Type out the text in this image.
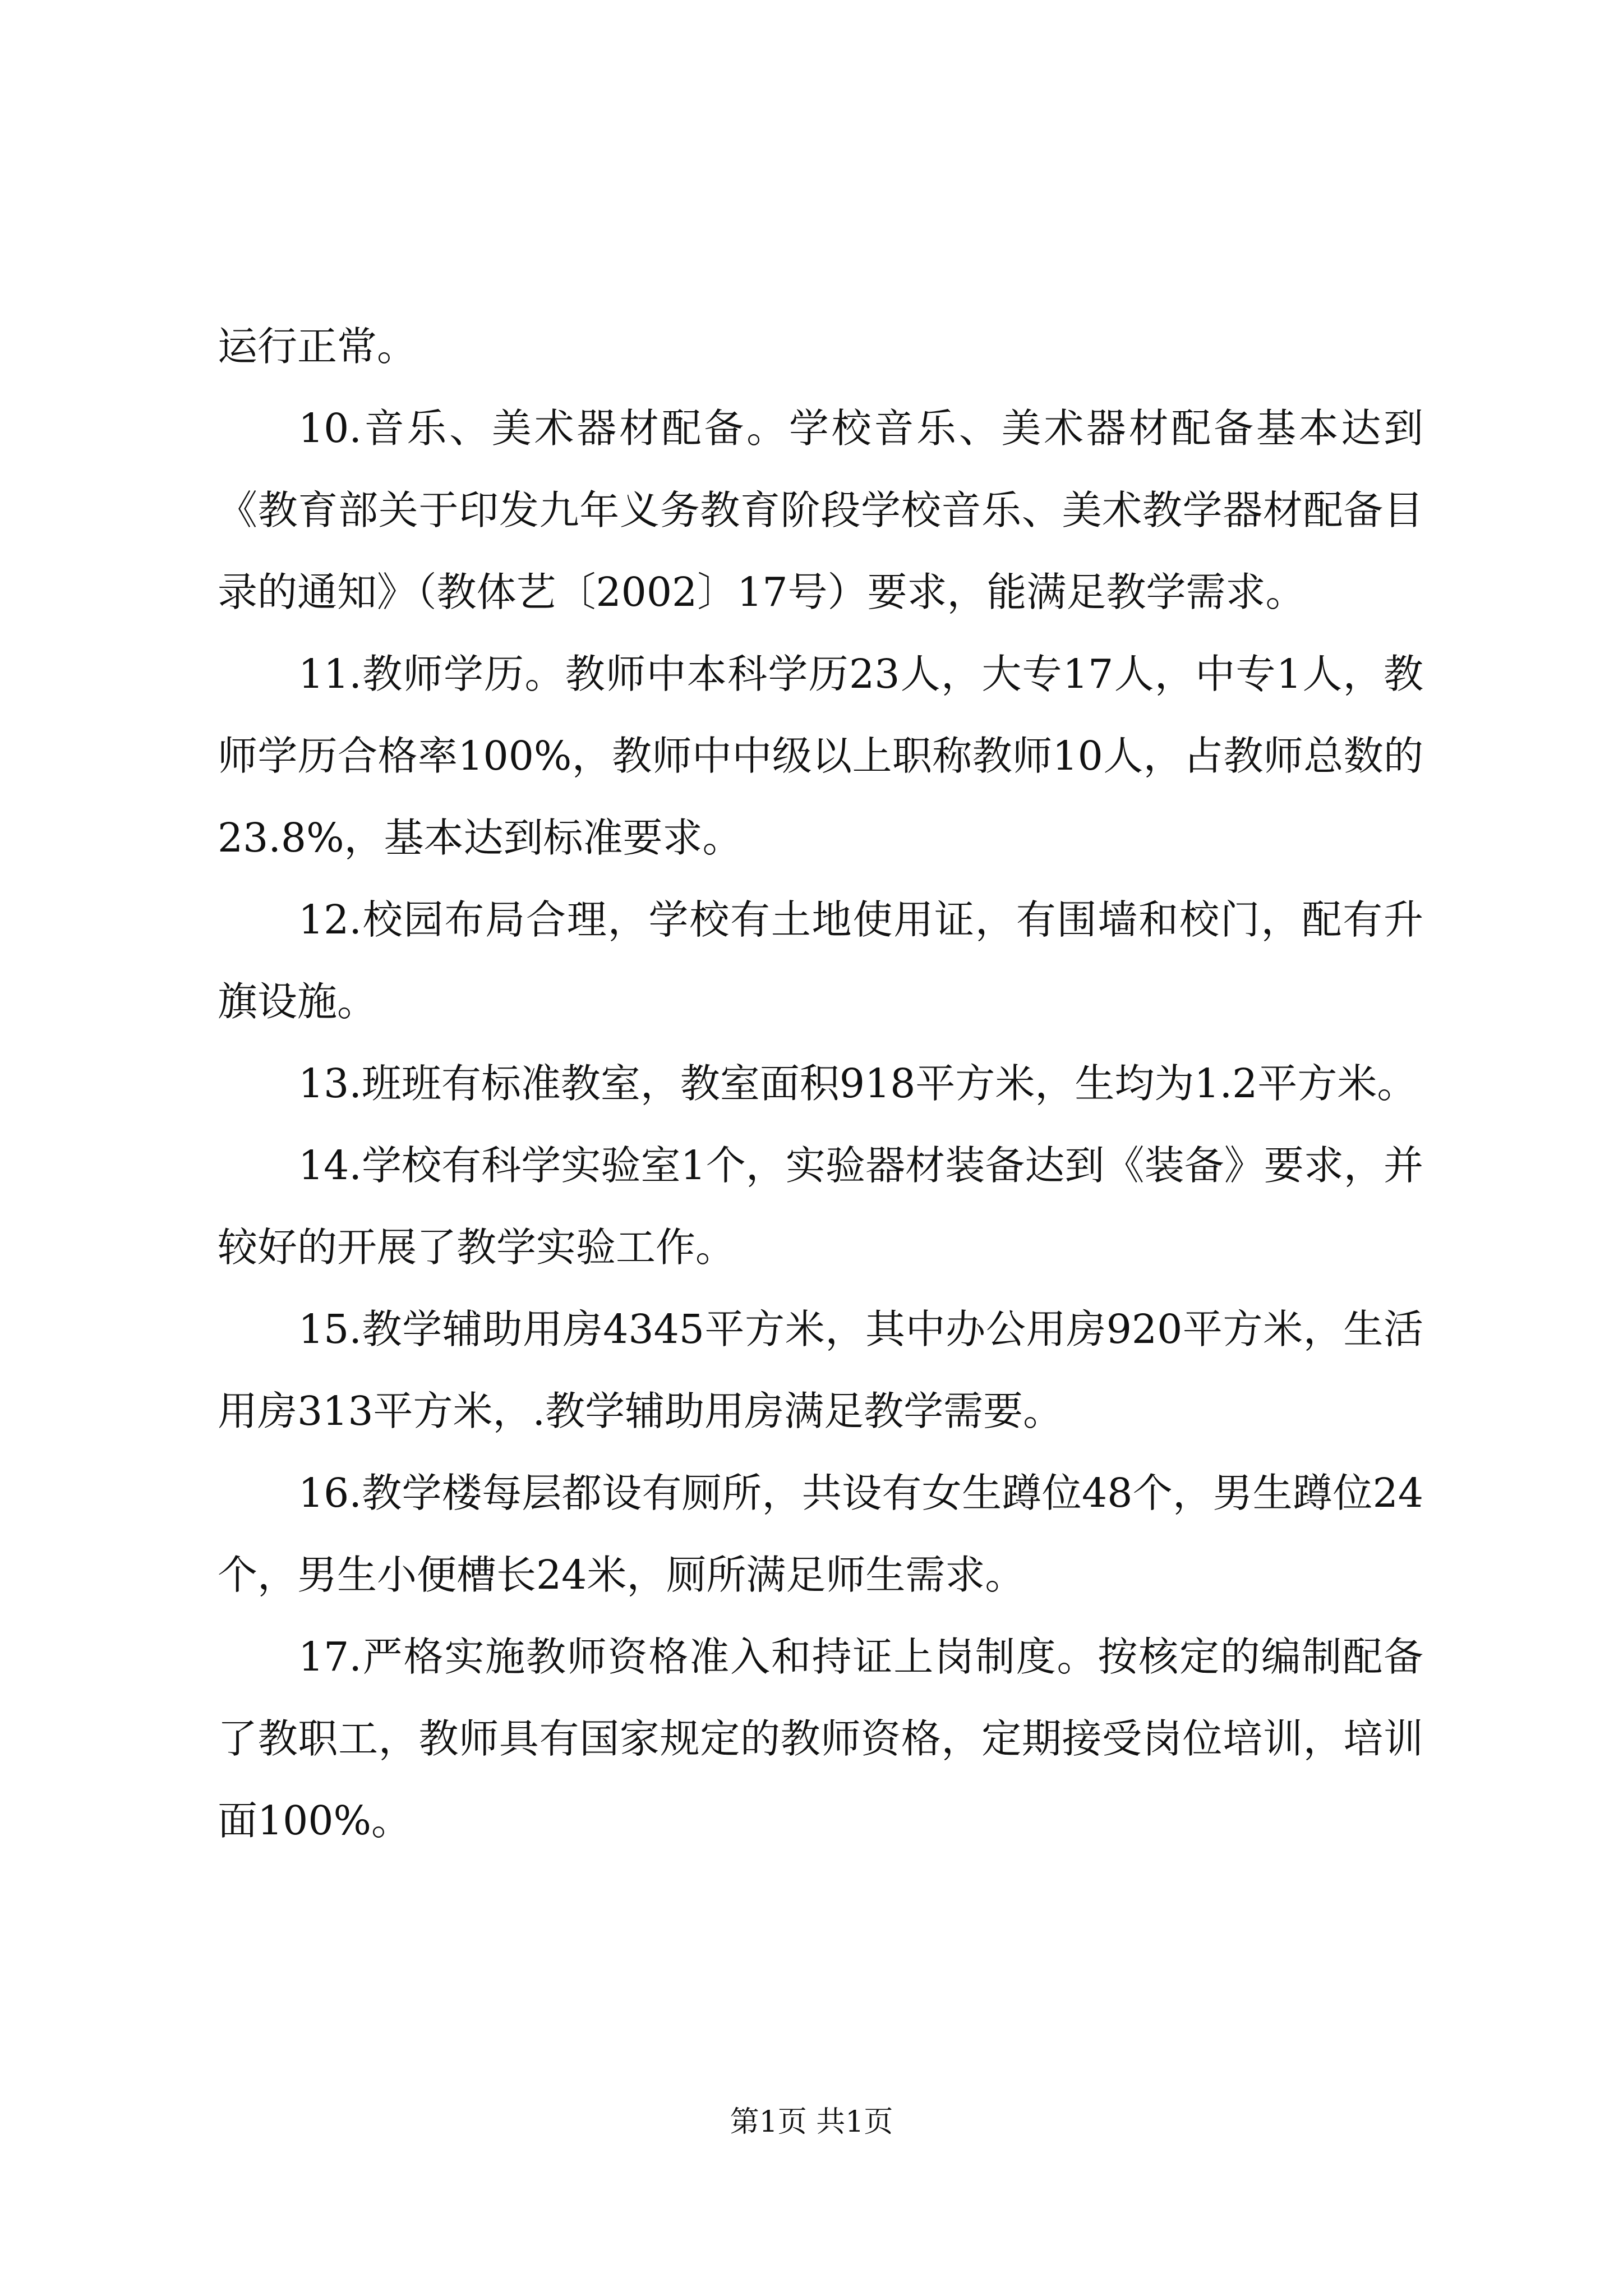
运行正常。

10.音乐、美术器材配备。学校音乐、美术器材配备基本达到《教育部关于印发九年义务教育阶段学校音乐、美术教学器材配备目录的通知》（教体艺〔2002〕17号）要求，能满足教学需求。

11.教师学历。教师中本科学历23人，大专17人，中专1人，教师学历合格率100%，教师中中级以上职称教师10人，占教师总数的23.8%，基本达到标准要求。

12.校园布局合理，学校有土地使用证，有围墙和校门，配有升旗设施。

13.班班有标准教室，教室面积918平方米，生均为1.2平方米。

14.学校有科学实验室1个，实验器材装备达到《装备》要求，并较好的开展了教学实验工作。

15.教学辅助用房4345平方米，其中办公用房920平方米，生活用房313平方米，.教学辅助用房满足教学需要。

16.教学楼每层都设有厕所，共设有女生蹲位48个，男生蹲位24个，男生小便槽长24米，厕所满足师生需求。

17.严格实施教师资格准入和持证上岗制度。按核定的编制配备了教职工，教师具有国家规定的教师资格，定期接受岗位培训，培训面100%。

第1页 共1页
